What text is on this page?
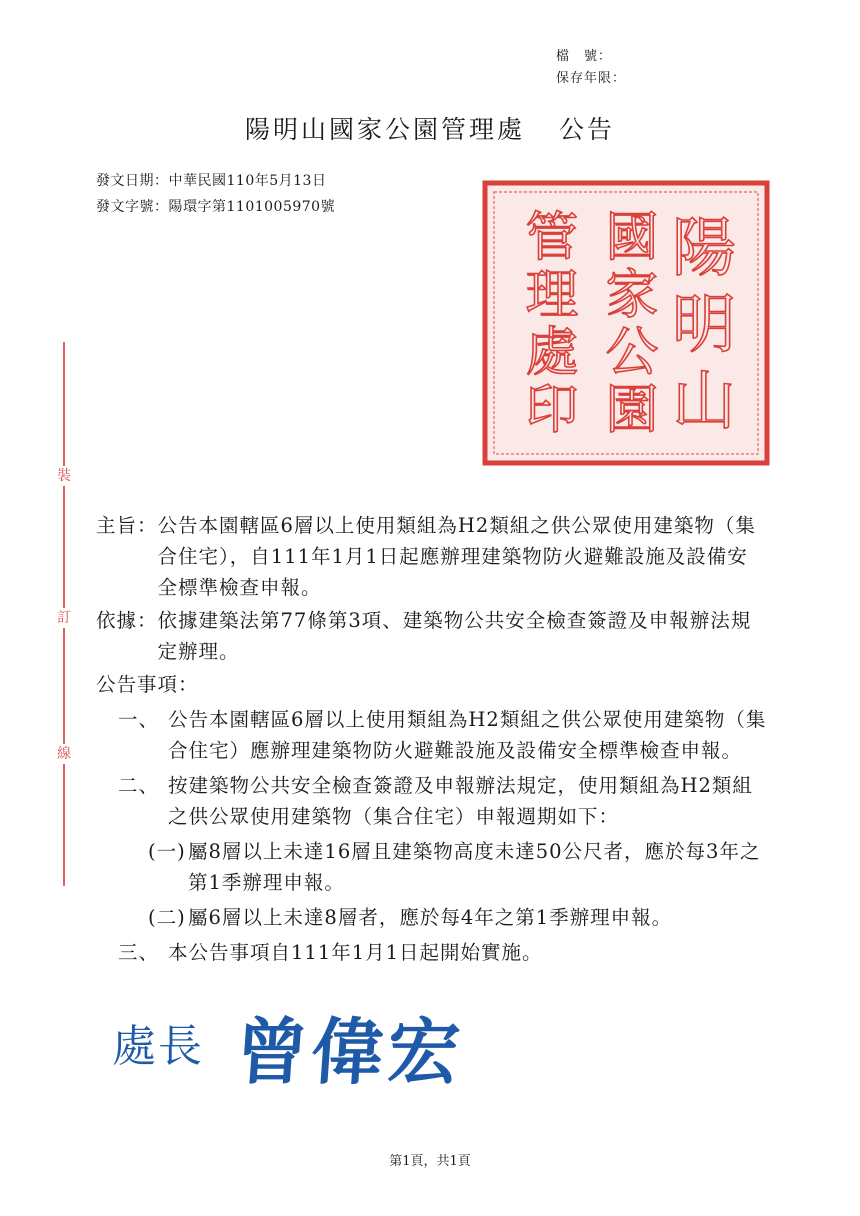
檔　號：
保存年限：
陽明山國家公園管理處 公告
發文日期：中華民國110年5月13日
發文字號：陽環字第1101005970號
陽
明
山
國
家
公
園
管
理
處
印
裝
訂
線
主旨： 公告本園轄區6層以上使用類組為H2類組之供公眾使用建築物（集合住宅），自111年1月1日起應辦理建築物防火避難設施及設備安全標準檢查申報。
依據： 依據建築法第77條第3項、建築物公共安全檢查簽證及申報辦法規定辦理。
公告事項：
一、 公告本園轄區6層以上使用類組為H2類組之供公眾使用建築物（集合住宅）應辦理建築物防火避難設施及設備安全標準檢查申報。
二、 按建築物公共安全檢查簽證及申報辦法規定，使用類組為H2類組之供公眾使用建築物（集合住宅）申報週期如下：
(一) 屬8層以上未達16層且建築物高度未達50公尺者，應於每3年之第1季辦理申報。
(二) 屬6層以上未達8層者，應於每4年之第1季辦理申報。
三、 本公告事項自111年1月1日起開始實施。
處長 曾偉宏
第1頁，共1頁
